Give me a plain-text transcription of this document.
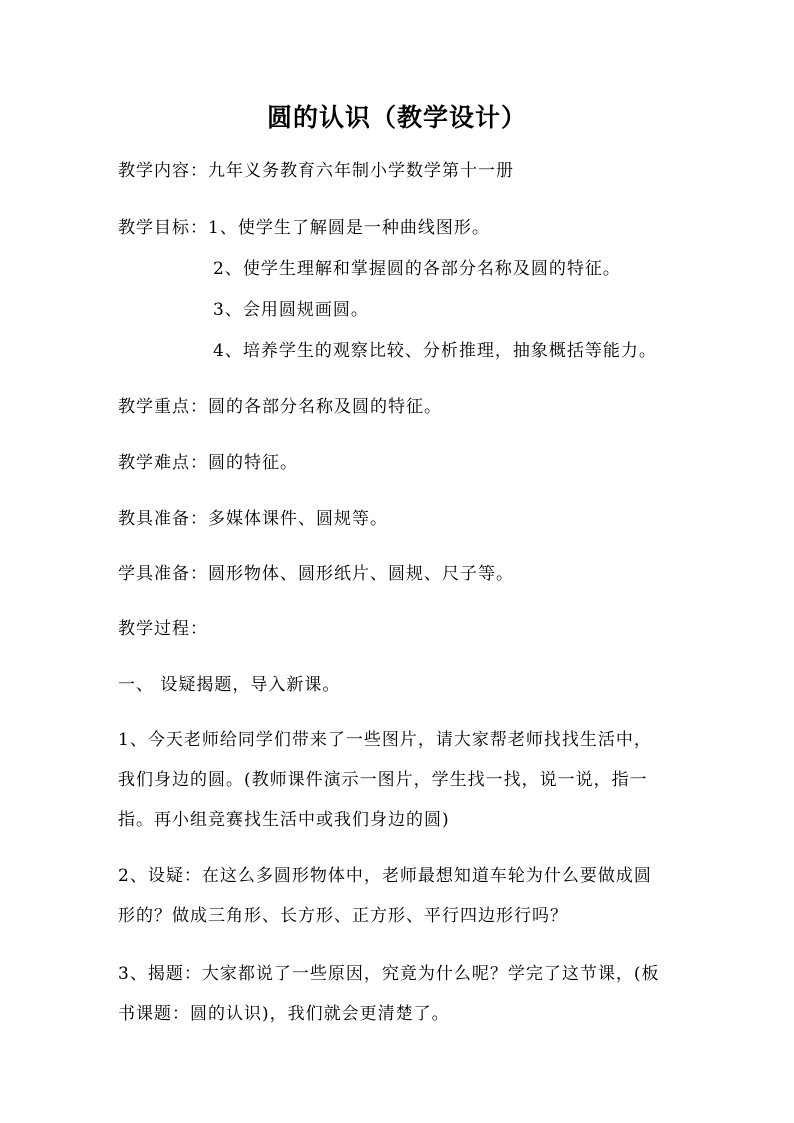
圆的认识（教学设计）
教学内容：九年义务教育六年制小学数学第十一册
教学目标：1、使学生了解圆是一种曲线图形。
2、使学生理解和掌握圆的各部分名称及圆的特征。
3、会用圆规画圆。
4、培养学生的观察比较、分析推理，抽象概括等能力。
教学重点：圆的各部分名称及圆的特征。
教学难点：圆的特征。
教具准备：多媒体课件、圆规等。
学具准备：圆形物体、圆形纸片、圆规、尺子等。
教学过程：
一、 设疑揭题，导入新课。
1、今天老师给同学们带来了一些图片，请大家帮老师找找生活中，
我们身边的圆。(教师课件演示一图片，学生找一找，说一说，指一
指。再小组竞赛找生活中或我们身边的圆)
2、设疑：在这么多圆形物体中，老师最想知道车轮为什么要做成圆
形的？做成三角形、长方形、正方形、平行四边形行吗？
3、揭题：大家都说了一些原因，究竟为什么呢？学完了这节课，(板
书课题：圆的认识)，我们就会更清楚了。
